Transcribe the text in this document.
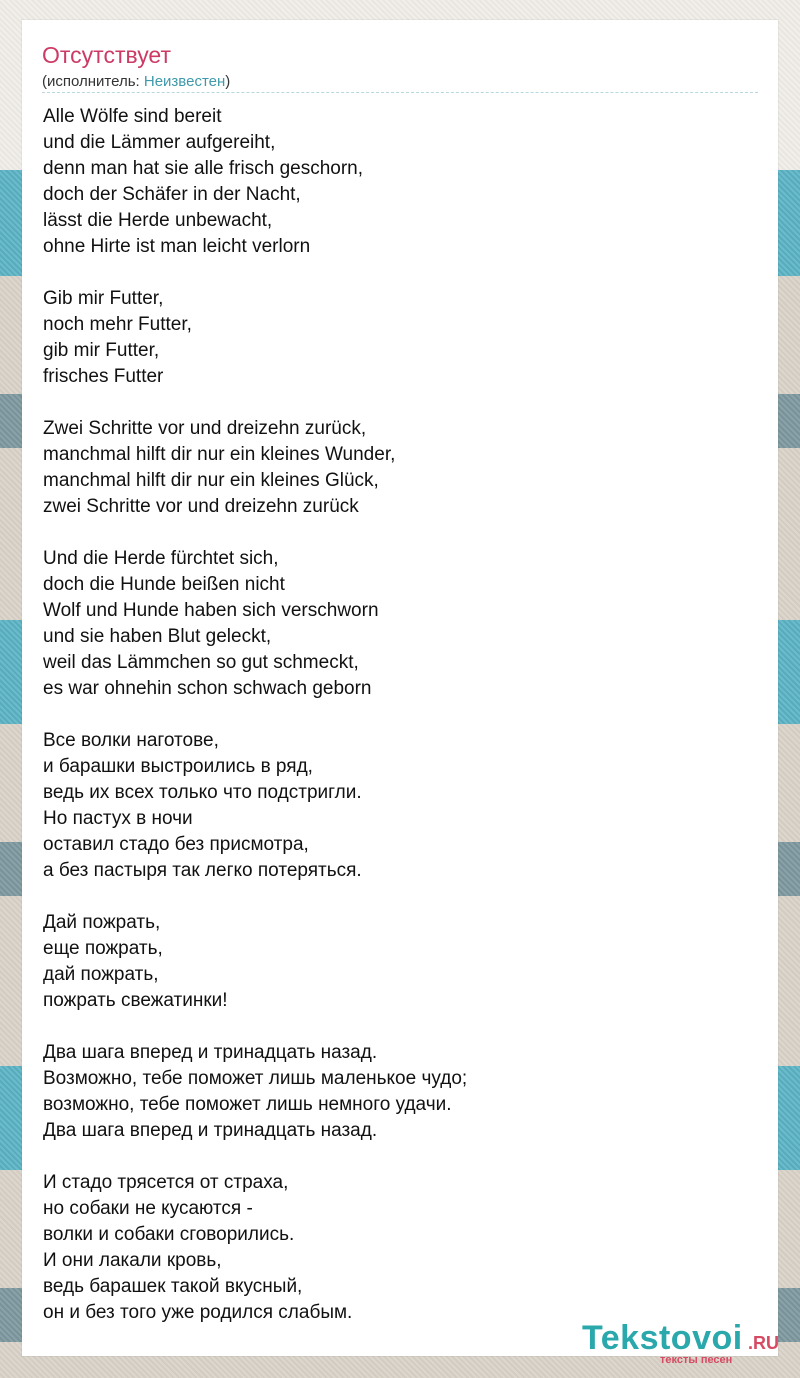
Отсутствует
(исполнитель: Неизвестен)
Alle Wölfe sind bereit
und die Lämmer aufgereiht,
denn man hat sie alle frisch geschorn,
doch der Schäfer in der Nacht,
lässt die Herde unbewacht,
ohne Hirte ist man leicht verlorn
Gib mir Futter,
noch mehr Futter,
gib mir Futter,
frisches Futter
Zwei Schritte vor und dreizehn zurück,
manchmal hilft dir nur ein kleines Wunder,
manchmal hilft dir nur ein kleines Glück,
zwei Schritte vor und dreizehn zurück
Und die Herde fürchtet sich,
doch die Hunde beißen nicht
Wolf und Hunde haben sich verschworn
und sie haben Blut geleckt,
weil das Lämmchen so gut schmeckt,
es war ohnehin schon schwach geborn
Все волки наготове,
и барашки выстроились в ряд,
ведь их всех только что подстригли.
Но пастух в ночи
оставил стадо без присмотра,
а без пастыря так легко потеряться.
Дай пожрать,
еще пожрать,
дай пожрать,
пожрать свежатинки!
Два шага вперед и тринадцать назад.
Возможно, тебе поможет лишь маленькое чудо;
возможно, тебе поможет лишь немного удачи.
Два шага вперед и тринадцать назад.
И стадо трясется от страха,
но собаки не кусаются -
волки и собаки сговорились.
И они лакали кровь,
ведь барашек такой вкусный,
он и без того уже родился слабым.
Tekstovoi .RU
тексты песен
